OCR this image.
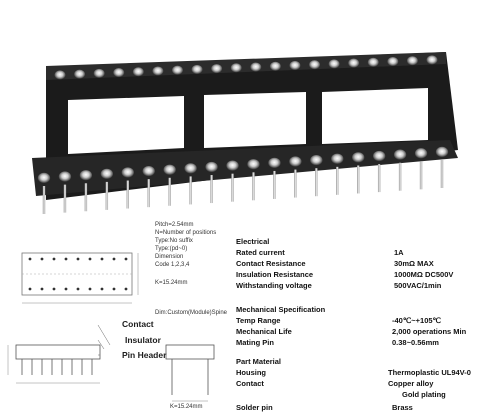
Pitch=2.54mm
N=Number of positions
Type:No suffix
Type:(pd~0)
Dimension
Code 1,2,3,4
K=15.24mm
Dim:Custom(Module)Spine
Contact
Insulator
Pin Header
K=15.24mm
Electrical
Rated current	1A
Contact Resistance	30mΩ MAX
Insulation Resistance	1000MΩ DC500V
Withstanding voltage	500VAC/1min
Mechanical Specification
Temp Range	-40℃~+105℃
Mechanical Life	2,000 operations Min
Mating Pin	0.38~0.56mm
Part Material
Housing	Thermoplastic UL94V-0
Contact	Copper alloy
Gold plating
Solder pin	Brass
